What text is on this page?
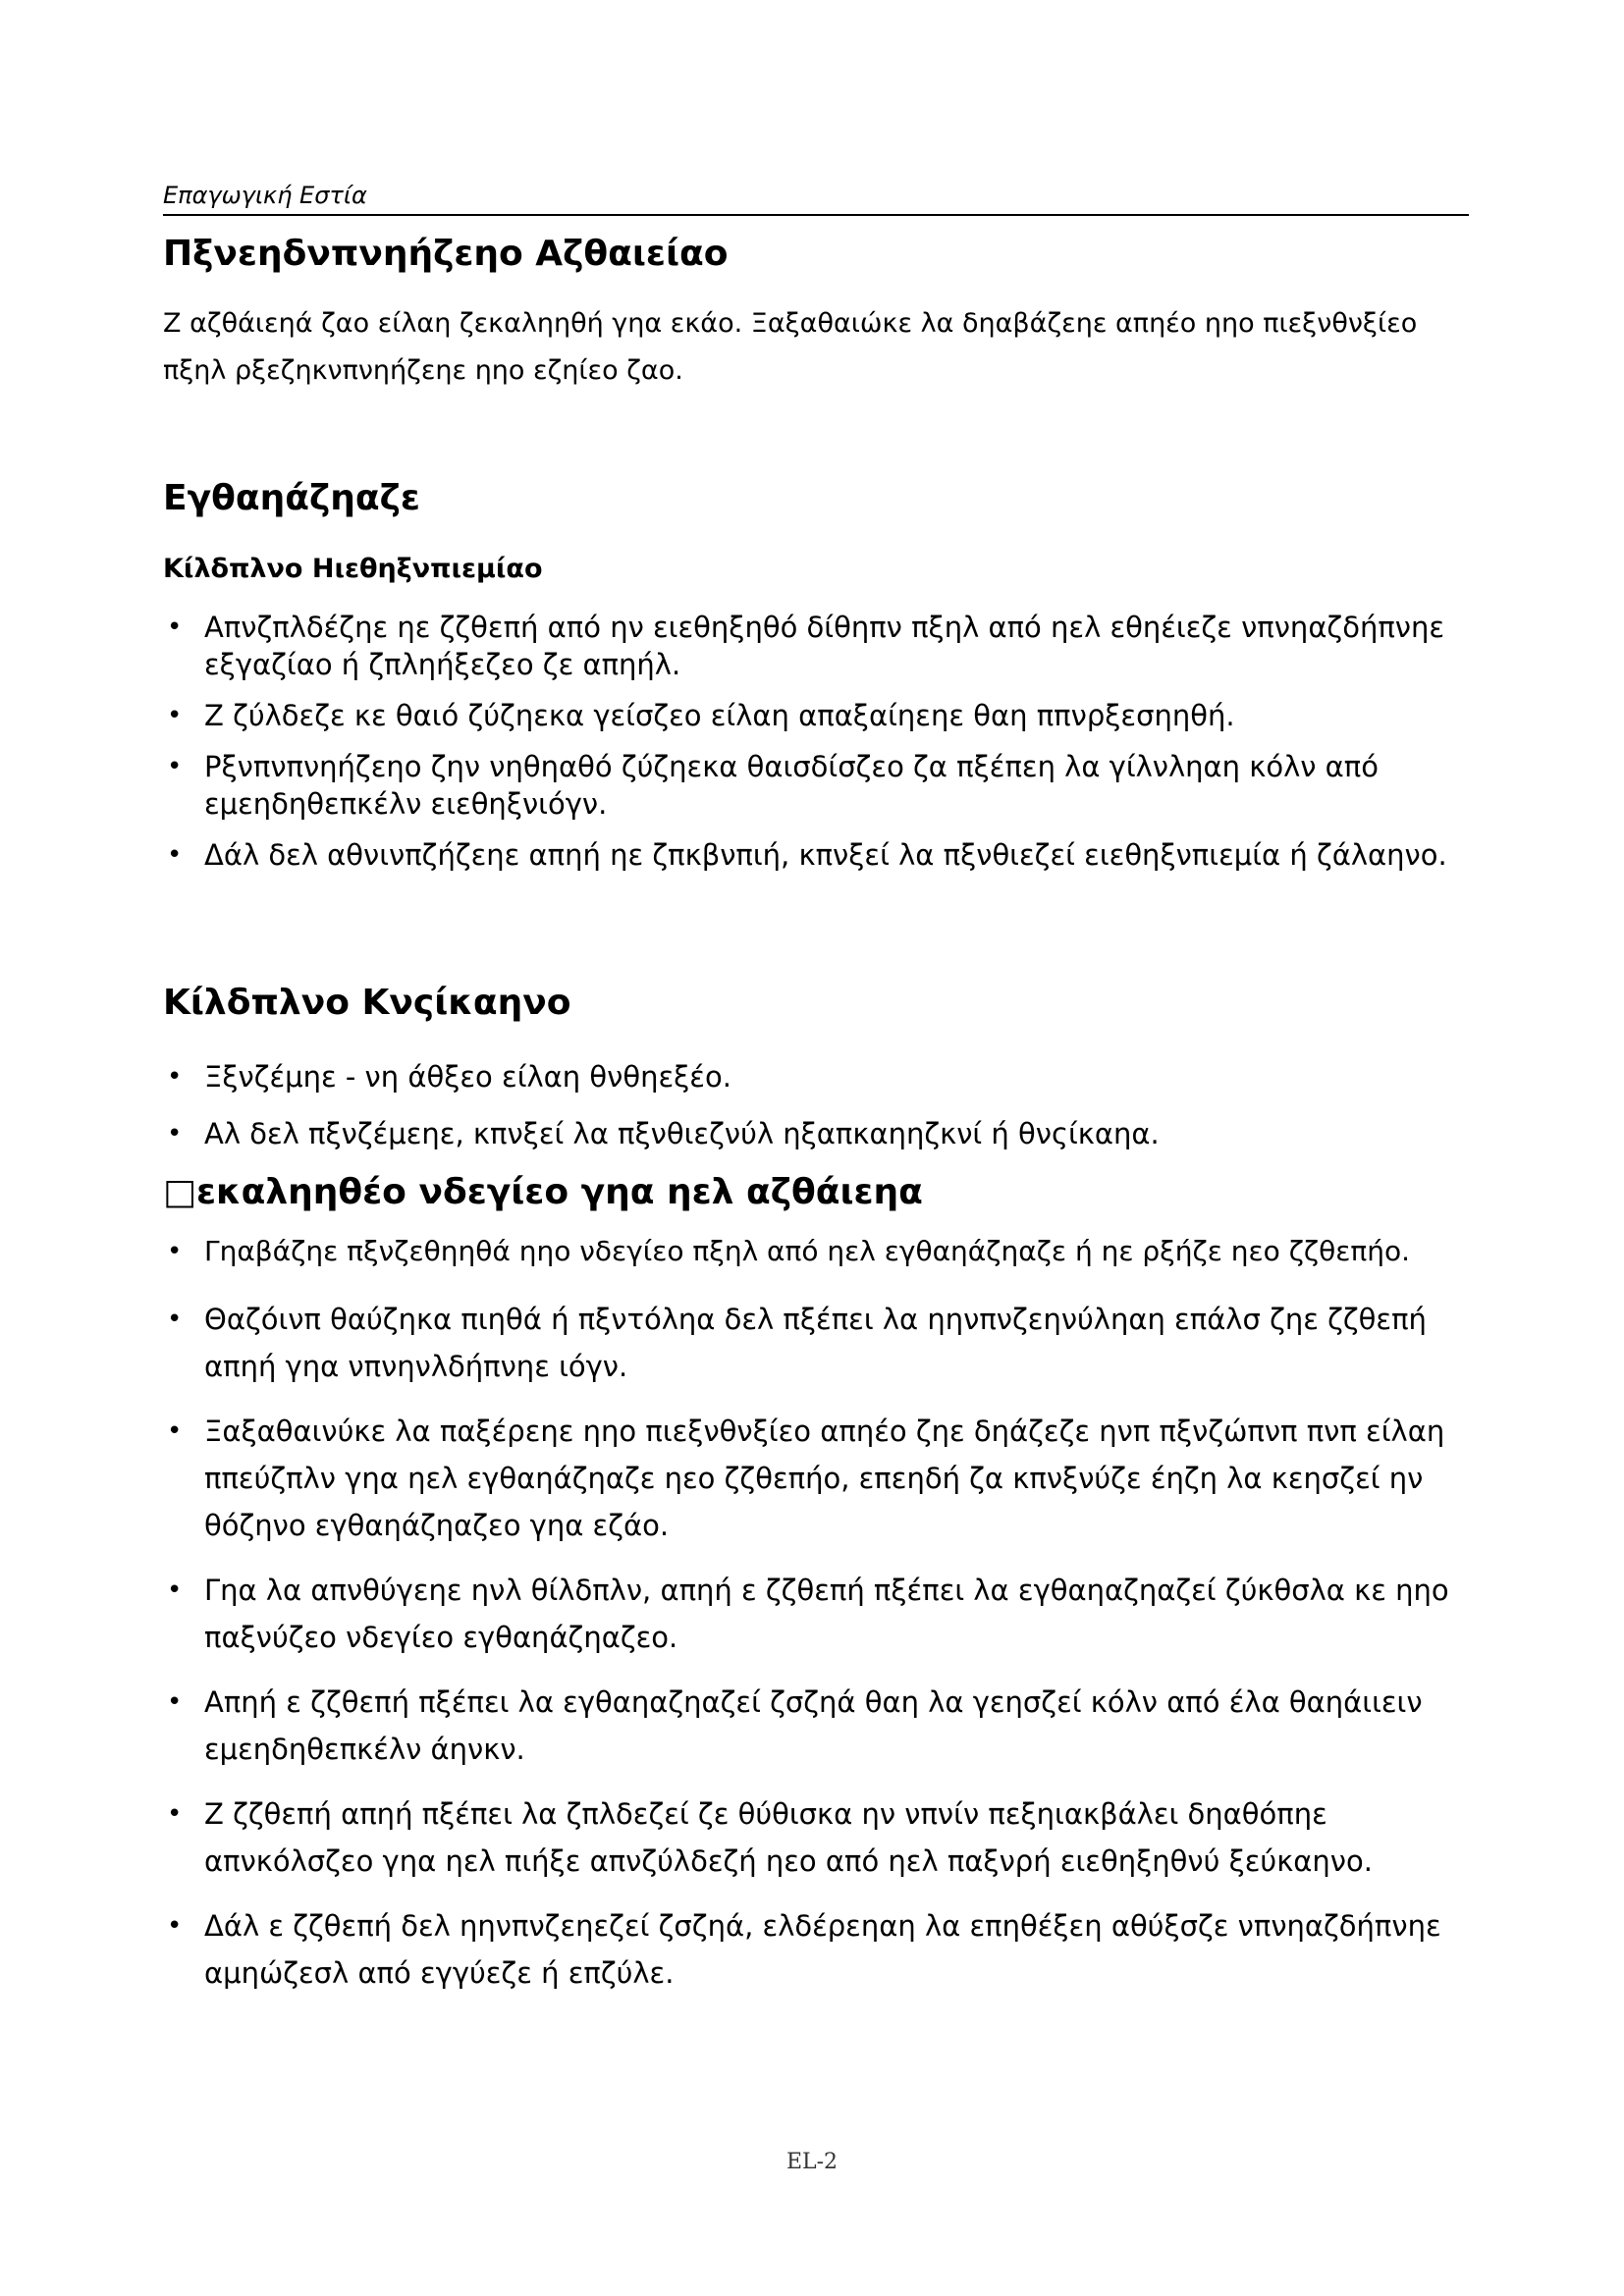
Επαγωγική Εστία
Πξνεηδνπνηήζεηο Αζθαιείαο

Ζ αζθάιεηά ζαο είλαη ζεκαληηθή γηα εκάο. Ξαξαθαιώκε λα δηαβάζεηε απηέο ηηο πιεξνθνξίεο πξηλ ρξεζηκνπνηήζεηε ηηο εζηίεο ζαο.

Εγθαηάζηαζε
Κίλδπλνο Ηιεθηξνπιεμίαο
• Απνζπλδέζηε ηε ζζθεπή από ην ειεθηξηθό δίθηπν πξηλ από ηελ εθηέιεζε νπνηαζδήπνηε εξγαζίαο ή ζπληήξεζεο ζε απηήλ.
• Ζ ζύλδεζε κε θαιό ζύζηεκα γείσζεο είλαη απαξαίηεηε θαη ππνρξεσηηθή.
• Ρξνπνπνηήζεηο ζην νηθηαθό ζύζηεκα θαισδίσζεο ζα πξέπεη λα γίλνληαη κόλν από εμεηδηθεπκέλν ειεθηξνιόγν.
• Δάλ δελ αθνινπζήζεηε απηή ηε ζπκβνπιή, κπνξεί λα πξνθιεζεί ειεθηξνπιεμία ή ζάλαηνο.
Κίλδπλνο Κνςίκαηνο
• Ξξνζέμηε - νη άθξεο είλαη θνθηεξέο.
• Αλ δελ πξνζέμεηε, κπνξεί λα πξνθιεζνύλ ηξαπκαηηζκνί ή θνςίκαηα.
□εκαληηθέο νδεγίεο γηα ηελ αζθάιεηα
• Γηαβάζηε πξνζεθηηθά ηηο νδεγίεο πξηλ από ηελ εγθαηάζηαζε ή ηε ρξήζε ηεο ζζθεπήο.
• Θαζόινπ θαύζηκα πιηθά ή πξντόληα δελ πξέπει λα ηηνπνζεηνύληαη επάλσ ζηε ζζθεπή απηή γηα νπνηνλδήπνηε ιόγν.
• Ξαξαθαινύκε λα παξέρεηε ηηο πιεξνθνξίεο απηέο ζηε δηάζεζε ηνπ πξνζώπνπ πνπ είλαη ππεύζπλν γηα ηελ εγθαηάζηαζε ηεο ζζθεπήο, επεηδή ζα κπνξνύζε έηζη λα κεησζεί ην θόζηνο εγθαηάζηαζεο γηα εζάο.
• Γηα λα απνθύγεηε ηνλ θίλδπλν, απηή ε ζζθεπή πξέπει λα εγθαηαζηαζεί ζύκθσλα κε ηηο παξνύζεο νδεγίεο εγθαηάζηαζεο.
• Απηή ε ζζθεπή πξέπει λα εγθαηαζηαζεί ζσζηά θαη λα γεησζεί κόλν από έλα θαηάιιειν εμεηδηθεπκέλν άηνκν.
• Ζ ζζθεπή απηή πξέπει λα ζπλδεζεί ζε θύθισκα ην νπνίν πεξηιακβάλει δηαθόπηε απνκόλσζεο γηα ηελ πιήξε απνζύλδεζή ηεο από ηελ παξνρή ειεθηξηθνύ ξεύκαηνο.
• Δάλ ε ζζθεπή δελ ηηνπνζεηεζεί ζσζηά, ελδέρεηαη λα επηθέξεη αθύξσζε νπνηαζδήπνηε αμηώζεσλ από εγγύεζε ή επζύλε.
EL-2
